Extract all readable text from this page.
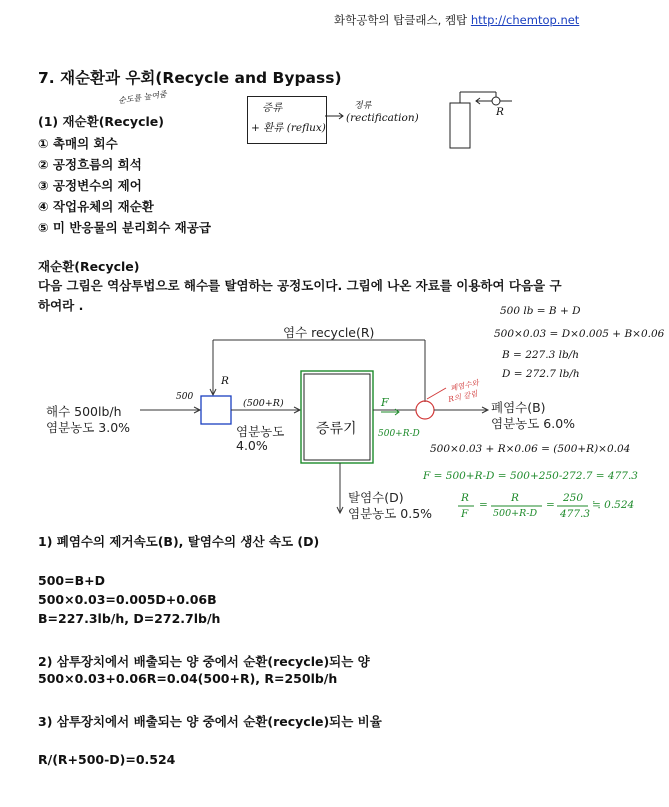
화학공학의 탑클래스, 켐탑 http://chemtop.net
7. 재순환과 우회(Recycle and Bypass)
순도를 높여줌
(1) 재순환(Recycle)
① 촉매의 회수
② 공정흐름의 희석
③ 공정변수의 제어
④ 작업유체의 재순환
⑤ 미 반응물의 분리회수 재공급
증류
+ 환류 (reflux)
정류
(rectification)	R
재순환(Recycle)
다음 그림은 역삼투법으로 해수를 탈염하는 공정도이다. 그림에 나온 자료를 이용하여 다음을 구
하여라 .	500 lb = B + D
500×0.03 = D×0.005 + B×0.06
B = 227.3 lb/h
D = 272.7 lb/h
염수 recycle(R)
해수 500lb/h
염분농도 3.0%
500
R
(500+R)
염분농도
4.0%
증류기
F
500+R-D
폐염수와
R의 갈림
폐염수(B)
염분농도 6.0%
500×0.03 + R×0.06 = (500+R)×0.04
F = 500+R-D = 500+250-272.7 = 477.3
탈염수(D)
염분농도 0.5%
R
F
=
R
500+R-D
=
250
477.3
≒ 0.524
1) 폐염수의 제거속도(B), 탈염수의 생산 속도 (D)
500=B+D
500×0.03=0.005D+0.06B
B=227.3lb/h, D=272.7lb/h
2) 삼투장치에서 배출되는 양 중에서 순환(recycle)되는 양
500×0.03+0.06R=0.04(500+R), R=250lb/h
3) 삼투장치에서 배출되는 양 중에서 순환(recycle)되는 비율
R/(R+500-D)=0.524
